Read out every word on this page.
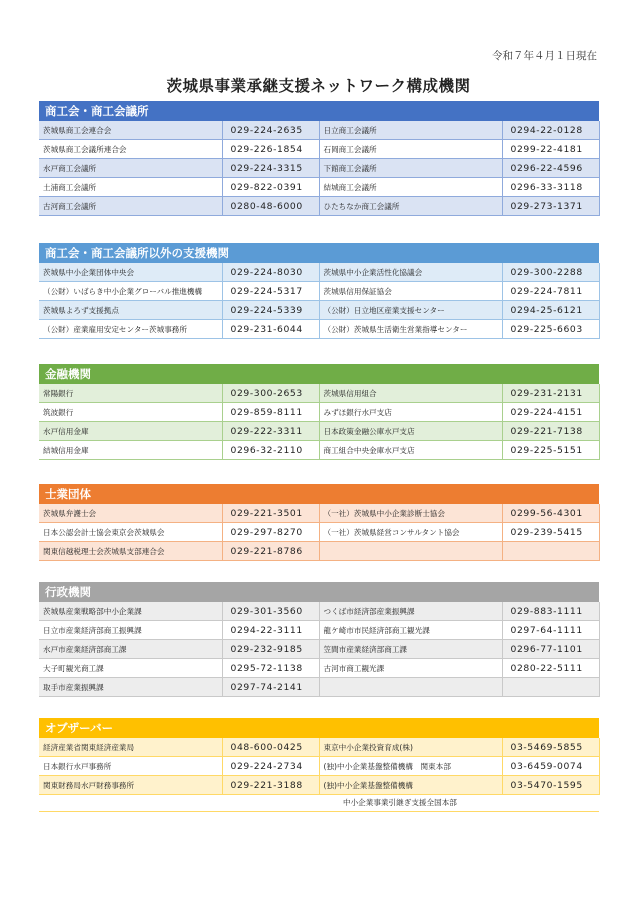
令和７年４月１日現在
茨城県事業承継支援ネットワーク構成機関
商工会・商工会議所
茨城県商工会連合会	029-224-2635	日立商工会議所	0294-22-0128
茨城県商工会議所連合会	029-226-1854	石岡商工会議所	0299-22-4181
水戸商工会議所	029-224-3315	下館商工会議所	0296-22-4596
土浦商工会議所	029-822-0391	結城商工会議所	0296-33-3118
古河商工会議所	0280-48-6000	ひたちなか商工会議所	029-273-1371
商工会・商工会議所以外の支援機関
茨城県中小企業団体中央会	029-224-8030	茨城県中小企業活性化協議会	029-300-2288
（公財）いばらき中小企業グローバル推進機構	029-224-5317	茨城県信用保証協会	029-224-7811
茨城県よろず支援拠点	029-224-5339	（公財）日立地区産業支援センター	0294-25-6121
（公財）産業雇用安定センター茨城事務所	029-231-6044	（公財）茨城県生活衛生営業指導センター	029-225-6603
金融機関
常陽銀行	029-300-2653	茨城県信用組合	029-231-2131
筑波銀行	029-859-8111	みずほ銀行水戸支店	029-224-4151
水戸信用金庫	029-222-3311	日本政策金融公庫水戸支店	029-221-7138
結城信用金庫	0296-32-2110	商工組合中央金庫水戸支店	029-225-5151
士業団体
茨城県弁護士会	029-221-3501	（一社）茨城県中小企業診断士協会	0299-56-4301
日本公認会計士協会東京会茨城県会	029-297-8270	（一社）茨城県経営コンサルタント協会	029-239-5415
関東信越税理士会茨城県支部連合会	029-221-8786		
行政機関
茨城県産業戦略部中小企業課	029-301-3560	つくば市経済部産業振興課	029-883-1111
日立市産業経済部商工振興課	0294-22-3111	龍ケ崎市市民経済部商工観光課	0297-64-1111
水戸市産業経済部商工課	029-232-9185	笠間市産業経済部商工課	0296-77-1101
大子町観光商工課	0295-72-1138	古河市商工観光課	0280-22-5111
取手市産業振興課	0297-74-2141		
オブザーバー
経済産業省関東経済産業局	048-600-0425	東京中小企業投資育成(株)	03-5469-5855
日本銀行水戸事務所	029-224-2734	(独)中小企業基盤整備機構　関東本部	03-6459-0074
関東財務局水戸財務事務所	029-221-3188	(独)中小企業基盤整備機構	03-5470-1595
中小企業事業引継ぎ支援全国本部
